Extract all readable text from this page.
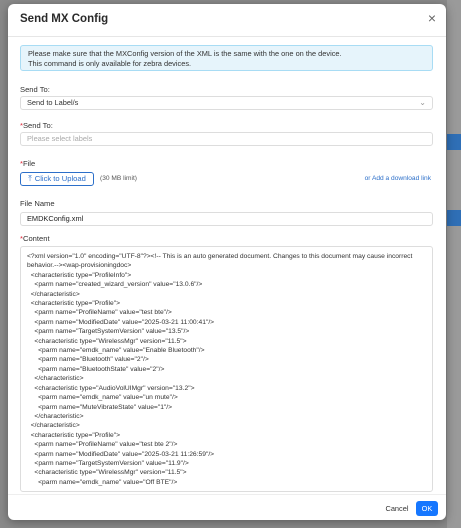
Send MX Config	×
Please make sure that the MXConfig version of the XML is the same with the one on the device.
This command is only available for zebra devices.
Send To:
Send to Label/s	⌄
*Send To:
Please select labels
*File
⤒ Click to Upload	(30 MB limit)	or Add a download link
File Name
EMDKConfig.xml
*Content
<?xml version="1.0" encoding="UTF-8"?><!-- This is an auto generated document. Changes to this document may cause incorrect
behavior.--><wap-provisioningdoc>
<characteristic type="ProfileInfo">
<parm name="created_wizard_version" value="13.0.6"/>
</characteristic>
<characteristic type="Profile">
<parm name="ProfileName" value="test bte"/>
<parm name="ModifiedDate" value="2025-03-21 11:00:41"/>
<parm name="TargetSystemVersion" value="13.5"/>
<characteristic type="WirelessMgr" version="11.5">
<parm name="emdk_name" value="Enable Bluetooth"/>
<parm name="Bluetooth" value="2"/>
<parm name="BluetoothState" value="2"/>
</characteristic>
<characteristic type="AudioVolUIMgr" version="13.2">
<parm name="emdk_name" value="un mute"/>
<parm name="MuteVibrateState" value="1"/>
</characteristic>
</characteristic>
<characteristic type="Profile">
<parm name="ProfileName" value="test bte 2"/>
<parm name="ModifiedDate" value="2025-03-21 11:26:59"/>
<parm name="TargetSystemVersion" value="11.9"/>
<characteristic type="WirelessMgr" version="11.5">
<parm name="emdk_name" value="Off BTE"/>
Cancel	OK
